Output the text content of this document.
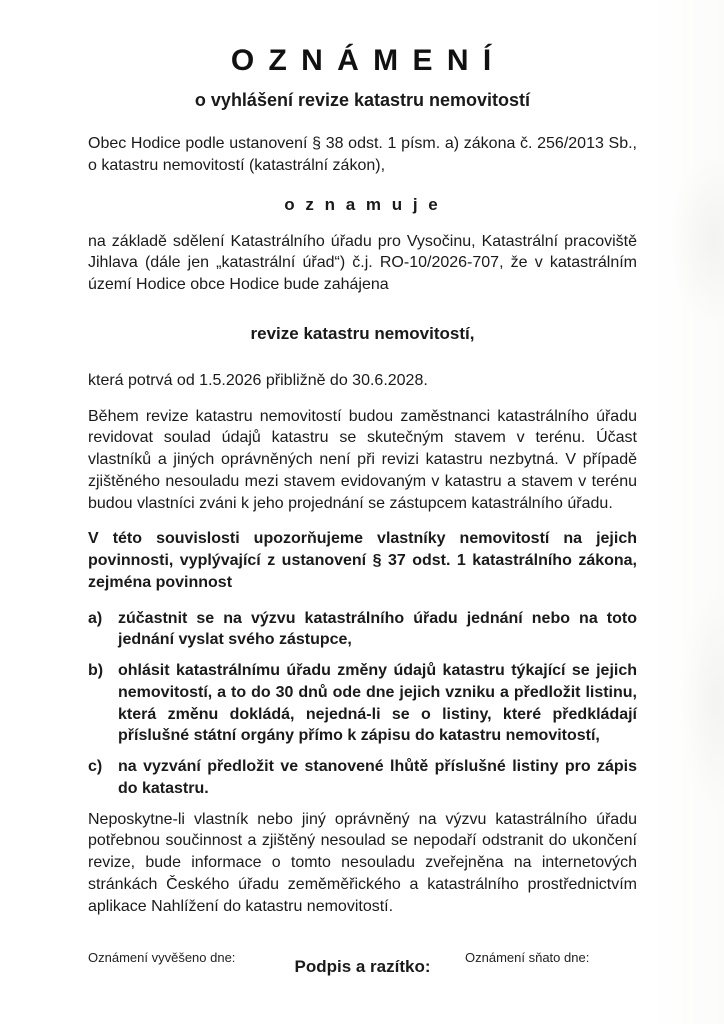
O Z N Á M E N Í
o vyhlášení revize katastru nemovitostí

Obec Hodice podle ustanovení § 38 odst. 1 písm. a) zákona č. 256/2013 Sb., o katastru nemovitostí (katastrální zákon),

o z n a m u j e

na základě sdělení Katastrálního úřadu pro Vysočinu, Katastrální pracoviště Jihlava (dále jen „katastrální úřad“) č.j. RO-10/2026-707, že v katastrálním území Hodice obce Hodice bude zahájena

revize katastru nemovitostí,

která potrvá od 1.5.2026 přibližně do 30.6.2028.

Během revize katastru nemovitostí budou zaměstnanci katastrálního úřadu revidovat soulad údajů katastru se skutečným stavem v terénu. Účast vlastníků a jiných oprávněných není při revizi katastru nezbytná. V případě zjištěného nesouladu mezi stavem evidovaným v katastru a stavem v terénu budou vlastníci zváni k jeho projednání se zástupcem katastrálního úřadu.

V této souvislosti upozorňujeme vlastníky nemovitostí na jejich povinnosti, vyplývající z ustanovení § 37 odst. 1 katastrálního zákona, zejména povinnost

a) zúčastnit se na výzvu katastrálního úřadu jednání nebo na toto jednání vyslat svého zástupce,
b) ohlásit katastrálnímu úřadu změny údajů katastru týkající se jejich nemovitostí, a to do 30 dnů ode dne jejich vzniku a předložit listinu, která změnu dokládá, nejedná-li se o listiny, které předkládají příslušné státní orgány přímo k zápisu do katastru nemovitostí,
c) na vyzvání předložit ve stanovené lhůtě příslušné listiny pro zápis do katastru.

Neposkytne-li vlastník nebo jiný oprávněný na výzvu katastrálního úřadu potřebnou součinnost a zjištěný nesoulad se nepodaří odstranit do ukončení revize, bude informace o tomto nesouladu zveřejněna na internetových stránkách Českého úřadu zeměměřického a katastrálního prostřednictvím aplikace Nahlížení do katastru nemovitostí.

Podpis a razítko:
Oznámení vyvěšeno dne:	Oznámení sňato dne:
